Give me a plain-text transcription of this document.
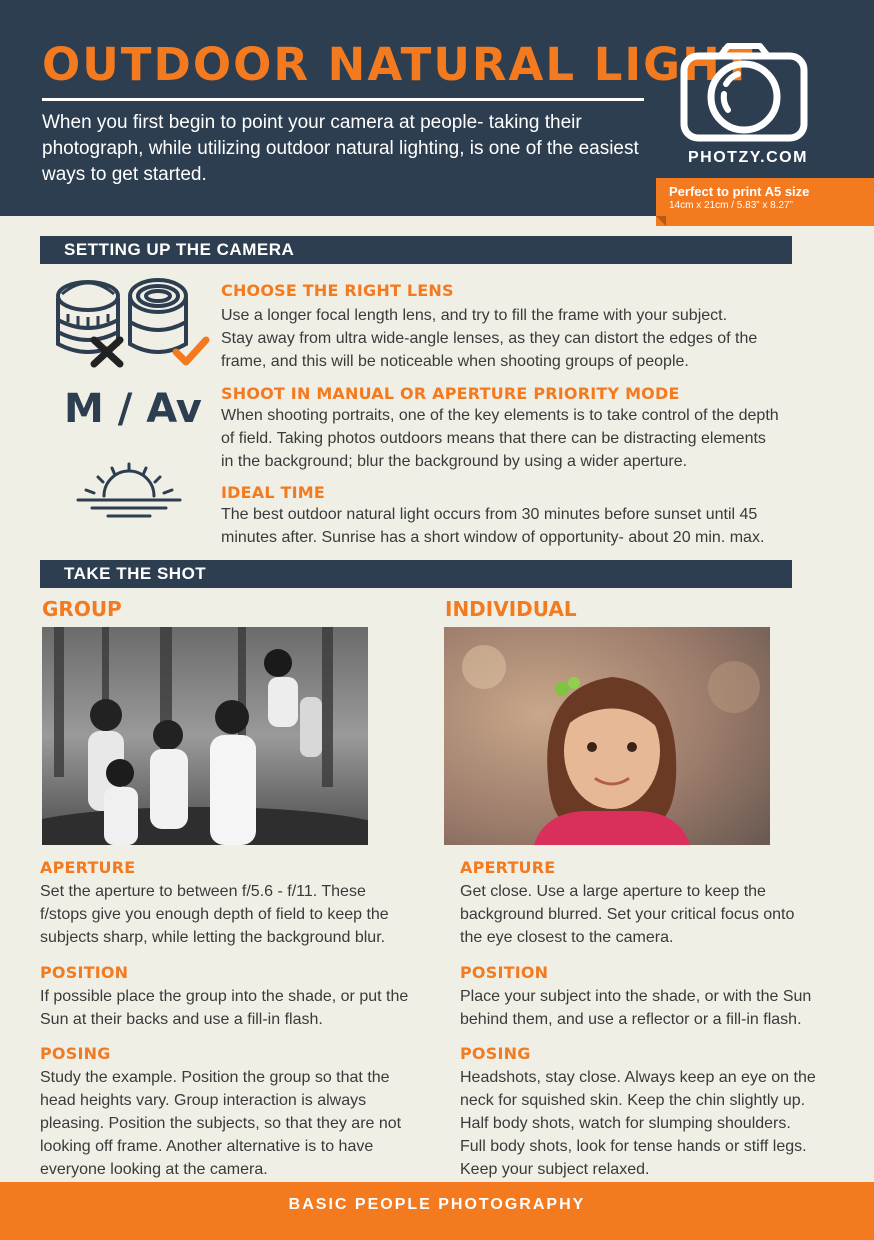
OUTDOOR NATURAL LIGHT
When you first begin to point your camera at people- taking their photograph, while utilizing outdoor natural lighting, is one of the easiest ways to get started.
PHOTZY.COM
Perfect to print A5 size
14cm x 21cm / 5.83” x 8.27”
SETTING UP THE CAMERA
M / Av
CHOOSE THE RIGHT LENS
Use a longer focal length lens, and try to fill the frame with your subject.
Stay away from ultra wide-angle lenses, as they can distort the edges of the
frame, and this will be noticeable when shooting groups of people.
SHOOT IN MANUAL OR APERTURE PRIORITY MODE
When shooting portraits, one of the key elements is to take control of the depth
of field. Taking photos outdoors means that there can be distracting elements
in the background; blur the background by using a wider aperture.
IDEAL TIME
The best outdoor natural light occurs from 30 minutes before sunset until 45
minutes after. Sunrise has a short window of opportunity- about 20 min. max.
TAKE THE SHOT
GROUP	INDIVIDUAL
APERTURE
Set the aperture to between f/5.6 - f/11. These
f/stops give you enough depth of field to keep the
subjects sharp, while letting the background blur.
POSITION
If possible place the group into the shade, or put the
Sun at their backs and use a fill-in flash.
POSING
Study the example. Position the group so that the
head heights vary. Group interaction is always
pleasing. Position the subjects, so that they are not
looking off frame. Another alternative is to have
everyone looking at the camera.
APERTURE
Get close. Use a large aperture to keep the
background blurred. Set your critical focus onto
the eye closest to the camera.
POSITION
Place your subject into the shade, or with the Sun
behind them, and use a reflector or a fill-in flash.
POSING
Headshots, stay close. Always keep an eye on the
neck for squished skin. Keep the chin slightly up.
Half body shots, watch for slumping shoulders.
Full body shots, look for tense hands or stiff legs.
Keep your subject relaxed.
BASIC PEOPLE PHOTOGRAPHY
